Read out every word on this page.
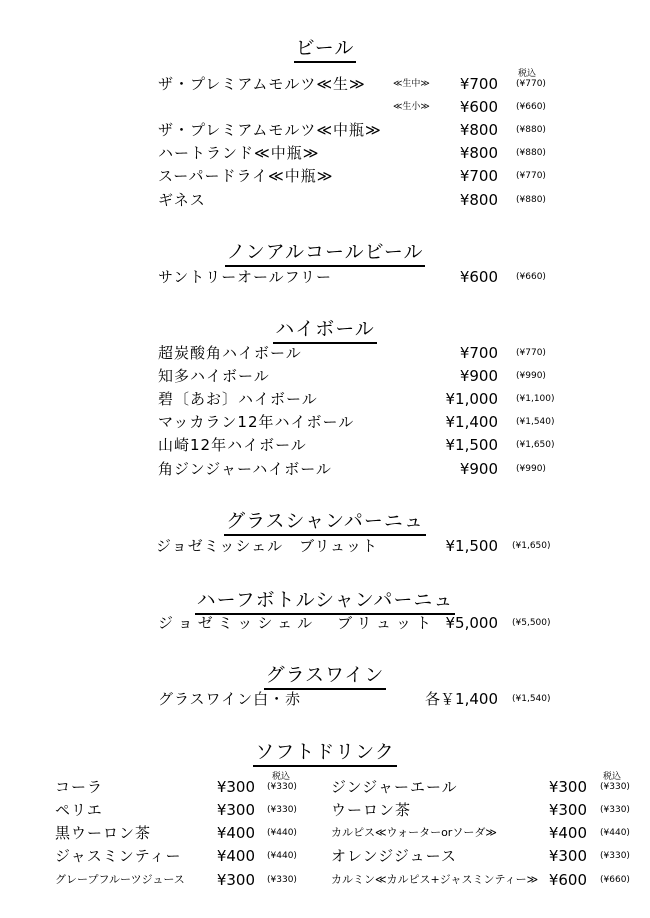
ビール
税込
ザ・プレミアムモルツ≪生≫	≪生中≫ ¥700 (¥770)
≪生小≫ ¥600 (¥660)
ザ・プレミアムモルツ≪中瓶≫	¥800 (¥880)
ハートランド≪中瓶≫	¥800 (¥880)
スーパードライ≪中瓶≫	¥700 (¥770)
ギネス	¥800 (¥880)
ノンアルコールビール
サントリーオールフリー	¥600 (¥660)
ハイボール
超炭酸角ハイボール	¥700 (¥770)
知多ハイボール	¥900 (¥990)
碧〔あお〕ハイボール	¥1,000 (¥1,100)
マッカラン12年ハイボール	¥1,400 (¥1,540)
山崎12年ハイボール	¥1,500 (¥1,650)
角ジンジャーハイボール	¥900 (¥990)
グラスシャンパーニュ
ジョゼミッシェル　ブリュット	¥1,500 (¥1,650)
ハーフボトルシャンパーニュ
ジョゼミッシェル　ブリュット ¥5,000 (¥5,500)
グラスワイン
グラスワイン白・赤	各￥1,400 (¥1,540)
ソフトドリンク
税込	税込
コーラ	¥300 (¥330)
ペリエ	¥300 (¥330)
黒ウーロン茶	¥400 (¥440)
ジャスミンティー ¥400 (¥440)
グレープフルーツジュース ¥300 (¥330)
ジンジャーエール	¥300 (¥330)
ウーロン茶	¥300 (¥330)
カルピス≪ウォーターorソーダ≫	¥400 (¥440)
オレンジジュース	¥300 (¥330)
カルミン≪カルピス+ジャスミンティー≫ ¥600 (¥660)
